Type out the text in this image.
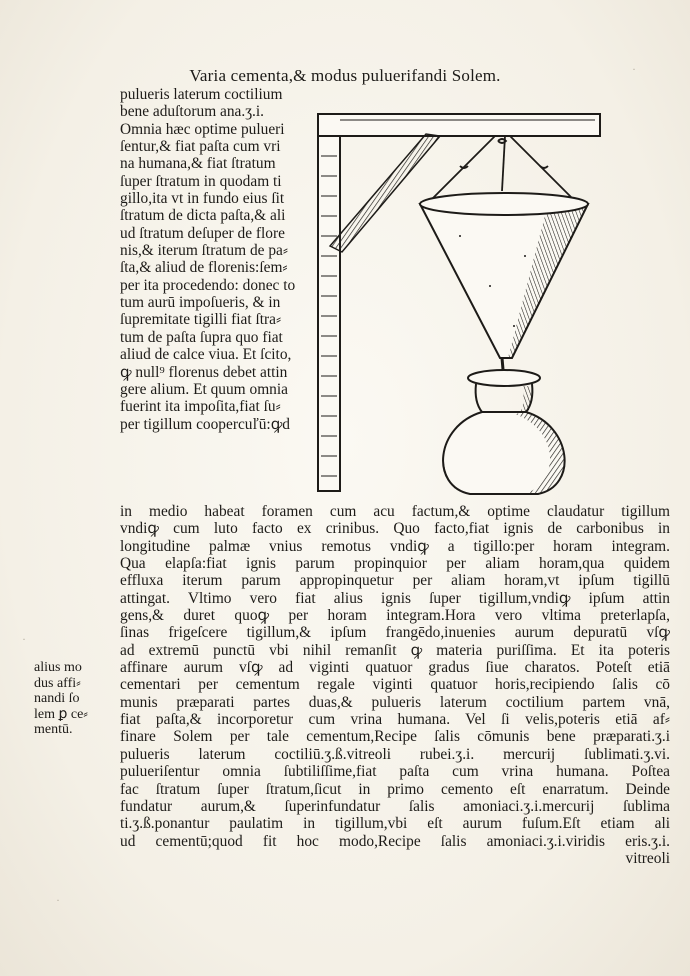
Varia cementa,& modus puluerifandi Solem.
pulueris laterum coctilium
bene aduſtorum ana.ʒ.i.
Omnia hæc optime pulueri
ſentur,& fiat paſta cum vri
na humana,& fiat ſtratum
ſuper ſtratum in quodam ti
gillo,ita vt in fundo eius ſit
ſtratum de dicta paſta,& ali
ud ſtratum deſuper de flore
nis,& iterum ſtratum de pa⸗
ſta,& aliud de florenis:ſem⸗
per ita procedendo: donec to
tum aurū impoſueris, & in
ſupremitate tigilli fiat ſtra⸗
tum de paſta ſupra quo fiat
aliud de calce viua. Et ſcito,
ꝙ null⁹ florenus debet attin
gere alium. Et quum omnia
fuerint ita impoſita,fiat ſu⸗
per tigillum coopercuľū:ꝙd
in medio habeat foramen cum acu factum,& optime claudatur tigillum
vndiꝙ cum luto facto ex crinibus. Quo facto,fiat ignis de carbonibus in
longitudine palmæ vnius remotus vndiꝙ a tigillo:per horam integram.
Qua elapſa:fiat ignis parum propinquior per aliam horam,qua quidem
effluxa iterum parum appropinquetur per aliam horam,vt ipſum tigillū
attingat. Vltimo vero fiat alius ignis ſuper tigillum,vndiꝙ ipſum attin
gens,& duret quoꝙ per horam integram.Hora vero vltima preterlapſa,
ſinas frigeſcere tigillum,& ipſum frangēdo,inuenies aurum depuratū vſꝙ
ad extremū punctū vbi nihil remanſit ꝙ materia puriſſima. Et ita poteris
affinare aurum vſꝙ ad viginti quatuor gradus ſiue charatos. Poteſt etiā
cementari per cementum regale viginti quatuor horis,recipiendo ſalis cō
munis præparati partes duas,& pulueris laterum coctilium partem vnā,
fiat paſta,& incorporetur cum vrina humana. Vel ſi velis,poteris etiā af⸗
finare Solem per tale cementum,Recipe ſalis cōmunis bene præparati.ʒ.i
pulueris laterum coctiliū.ʒ.ß.vitreoli rubei.ʒ.i. mercurij ſublimati.ʒ.vi.
pulueriſentur omnia ſubtiliſſime,fiat paſta cum vrina humana. Poſtea
fac ſtratum ſuper ſtratum,ſicut in primo cemento eſt enarratum. Deinde
fundatur aurum,& ſuperinfundatur ſalis amoniaci.ʒ.i.mercurij ſublima
ti.ʒ.ß.ponantur paulatim in tigillum,vbi eſt aurum fuſum.Eſt etiam ali
ud cementū;quod fit hoc modo,Recipe ſalis amoniaci.ʒ.i.viridis eris.ʒ.i.
vitreoli
alius mo
dus affi⸗
nandi ſo
lem ꝑ ce⸗
mentū.
·
·
·
